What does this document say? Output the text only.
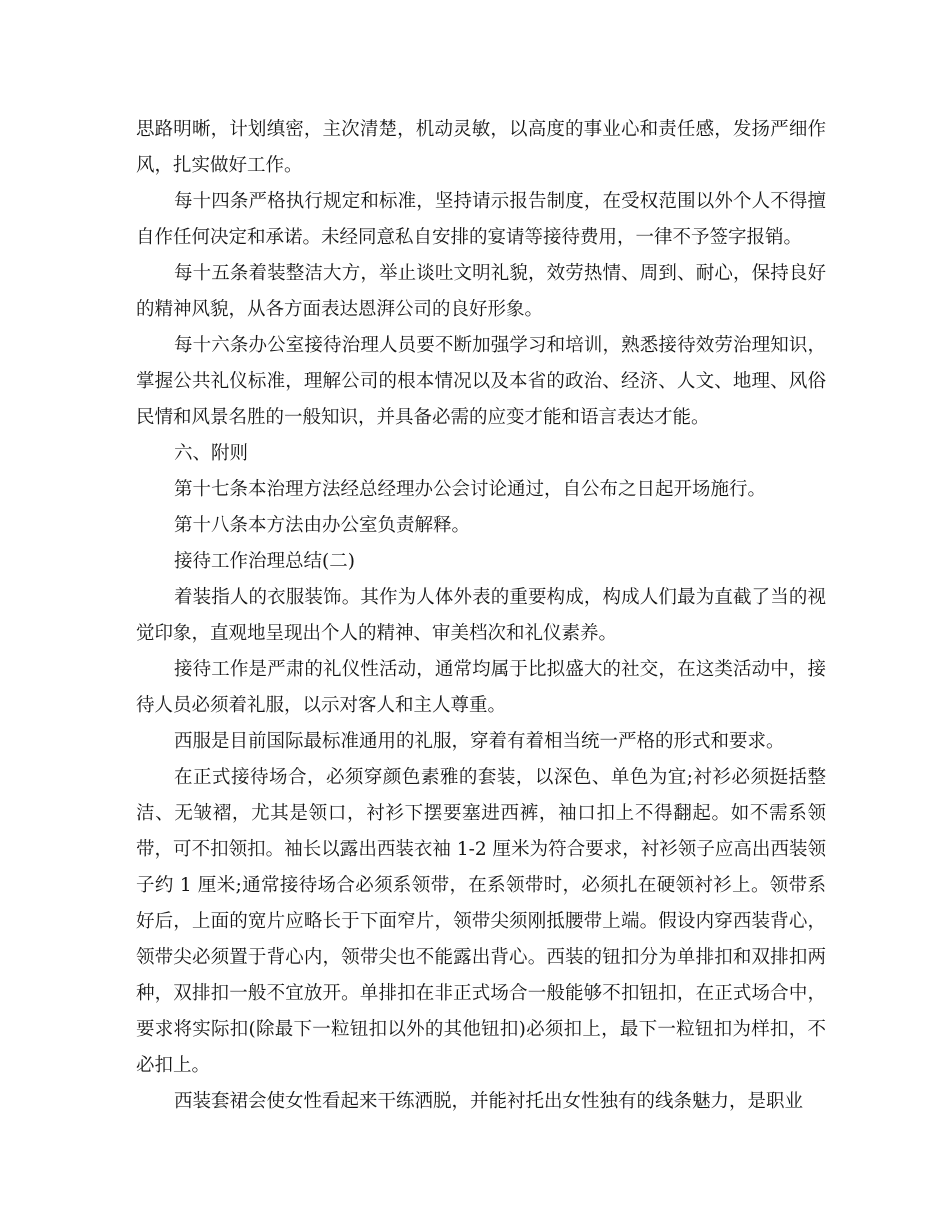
思路明晰，计划缜密，主次清楚，机动灵敏，以高度的事业心和责任感，发扬严细作风，扎实做好工作。

每十四条严格执行规定和标准，坚持请示报告制度，在受权范围以外个人不得擅自作任何决定和承诺。未经同意私自安排的宴请等接待费用，一律不予签字报销。

每十五条着装整洁大方，举止谈吐文明礼貌，效劳热情、周到、耐心，保持良好的精神风貌，从各方面表达恩湃公司的良好形象。

每十六条办公室接待治理人员要不断加强学习和培训，熟悉接待效劳治理知识，掌握公共礼仪标准，理解公司的根本情况以及本省的政治、经济、人文、地理、风俗民情和风景名胜的一般知识，并具备必需的应变才能和语言表达才能。

六、附则

第十七条本治理方法经总经理办公会讨论通过，自公布之日起开场施行。

第十八条本方法由办公室负责解释。

接待工作治理总结(二)

着装指人的衣服装饰。其作为人体外表的重要构成，构成人们最为直截了当的视觉印象，直观地呈现出个人的精神、审美档次和礼仪素养。

接待工作是严肃的礼仪性活动，通常均属于比拟盛大的社交，在这类活动中，接待人员必须着礼服，以示对客人和主人尊重。

西服是目前国际最标准通用的礼服，穿着有着相当统一严格的形式和要求。

在正式接待场合，必须穿颜色素雅的套装，以深色、单色为宜;衬衫必须挺括整洁、无皱褶，尤其是领口，衬衫下摆要塞进西裤，袖口扣上不得翻起。如不需系领带，可不扣领扣。袖长以露出西装衣袖 1-2 厘米为符合要求，衬衫领子应高出西装领子约 1 厘米;通常接待场合必须系领带，在系领带时，必须扎在硬领衬衫上。领带系好后，上面的宽片应略长于下面窄片，领带尖须刚抵腰带上端。假设内穿西装背心，领带尖必须置于背心内，领带尖也不能露出背心。西装的钮扣分为单排扣和双排扣两种，双排扣一般不宜放开。单排扣在非正式场合一般能够不扣钮扣，在正式场合中，要求将实际扣(除最下一粒钮扣以外的其他钮扣)必须扣上，最下一粒钮扣为样扣，不必扣上。

西装套裙会使女性看起来干练洒脱，并能衬托出女性独有的线条魅力，是职业
